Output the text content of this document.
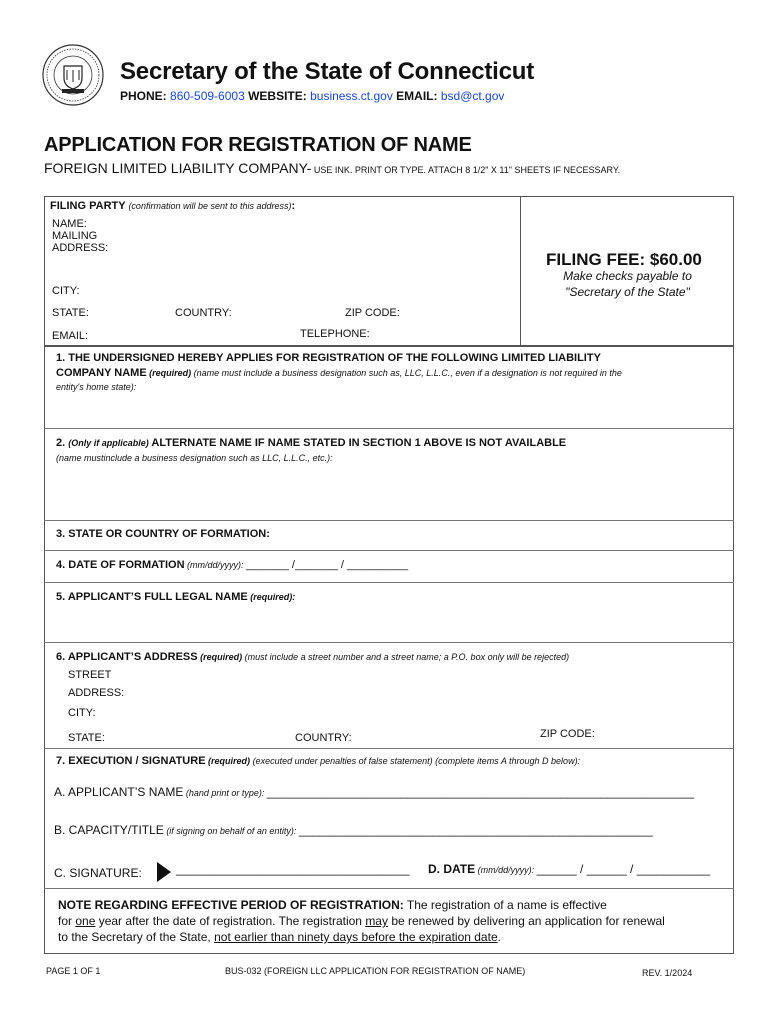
Secretary of the State of Connecticut
PHONE: 860-509-6003 WEBSITE: business.ct.gov EMAIL: bsd@ct.gov
APPLICATION FOR REGISTRATION OF NAME
FOREIGN LIMITED LIABILITY COMPANY- USE INK. PRINT OR TYPE. ATTACH 8 1/2" X 11" SHEETS IF NECESSARY.
FILING PARTY (confirmation will be sent to this address):
NAME:
MAILING
ADDRESS:
CITY:
STATE:	COUNTRY:	ZIP CODE:
EMAIL:	TELEPHONE:
FILING FEE: $60.00
Make checks payable to
"Secretary of the State"
1. THE UNDERSIGNED HEREBY APPLIES FOR REGISTRATION OF THE FOLLOWING LIMITED LIABILITY
COMPANY NAME (required) (name must include a business designation such as, LLC, L.L.C., even if a designation is not required in the
entity's home state):
2. (Only if applicable) ALTERNATE NAME IF NAME STATED IN SECTION 1 ABOVE IS NOT AVAILABLE
(name mustinclude a business designation such as LLC, L.L.C., etc.):
3. STATE OR COUNTRY OF FORMATION:
4. DATE OF FORMATION (mm/dd/yyyy): _______ /_______ / __________
5. APPLICANT’S FULL LEGAL NAME (required):
6. APPLICANT’S ADDRESS (required) (must include a street number and a street name; a P.O. box only will be rejected)
STREET
ADDRESS:
CITY:
STATE:	COUNTRY:	ZIP CODE:
7. EXECUTION / SIGNATURE (required) (executed under penalties of false statement) (complete items A through D below):
A. APPLICANT’S NAME (hand print or type): ________________________________________________________________
B. CAPACITY/TITLE (if signing on behalf of an entity): _____________________________________________________
C. SIGNATURE:	___________________________________ D. DATE (mm/dd/yyyy): ______ / ______ / ___________

NOTE REGARDING EFFECTIVE PERIOD OF REGISTRATION: The registration of a name is effective

for one year after the date of registration. The registration may be renewed by delivering an application for renewal

to the Secretary of the State, not earlier than ninety days before the expiration date.

PAGE 1 OF 1	BUS-032 (FOREIGN LLC APPLICATION FOR REGISTRATION OF NAME)	REV. 1/2024
